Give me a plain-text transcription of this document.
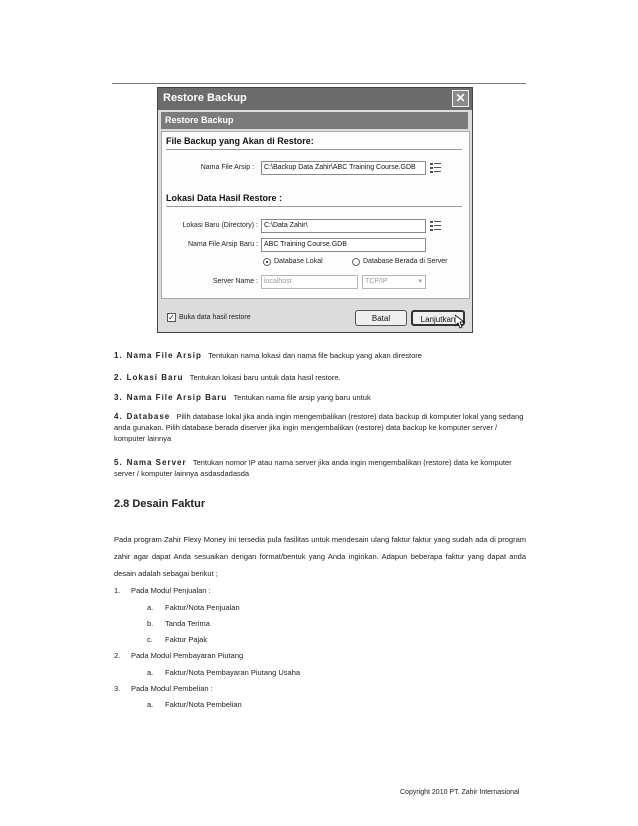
Restore Backup	✕
Restore Backup
File Backup yang Akan di Restore:
Nama File Arsip :	C:\Backup Data Zahir\ABC Training Course.GDB
Lokasi Data Hasil Restore :
Lokasi Baru (Directory) : C:\Data Zahir\
Nama File Arsip Baru : ABC Training Course.GDB
Database Lokal	Database Berada di Server
Server Name : localhost	TCP/IP	▾
✓ Buka data hasil restore	Batal	Lanjutkan
1. Nama File Arsip Tentukan nama lokasi dan nama file backup yang akan direstore
2. Lokasi Baru Tentukan lokasi baru untuk data hasil restore.
3. Nama File Arsip Baru Tentukan nama file arsip yang baru untuk
4. Database Pilih database lokal jika anda ingin mengembalikan (restore) data backup di komputer lokal yang sedang anda gunakan. Pilih database berada diserver jika ingin mengembalikan (restore) data backup ke komputer server / komputer lainnya
5. Nama Server Tentukan nomor IP atau nama server jika anda ingin mengembalikan (restore) data ke komputer server / komputer lainnya asdasdadasda
2.8 Desain Faktur
Pada program Zahir Flexy Money ini tersedia pula fasilitas untuk mendesain ulang faktur faktur yang sudah ada di program zahir agar dapat Anda sesuaikan dengan format/bentuk yang Anda inginkan. Adapun beberapa faktur yang dapat anda desain adalah sebagai berikut ;
1. Pada Modul Penjualan :
a. Faktur/Nota Penjualan
b. Tanda Terima
c. Faktur Pajak
2. Pada Modul Pembayaran Piutang
a. Faktur/Nota Pembayaran Piutang Usaha
3. Pada Modul Pembelian :
a. Faktur/Nota Pembelian
Copyright 2010 PT. Zahir Internasional
